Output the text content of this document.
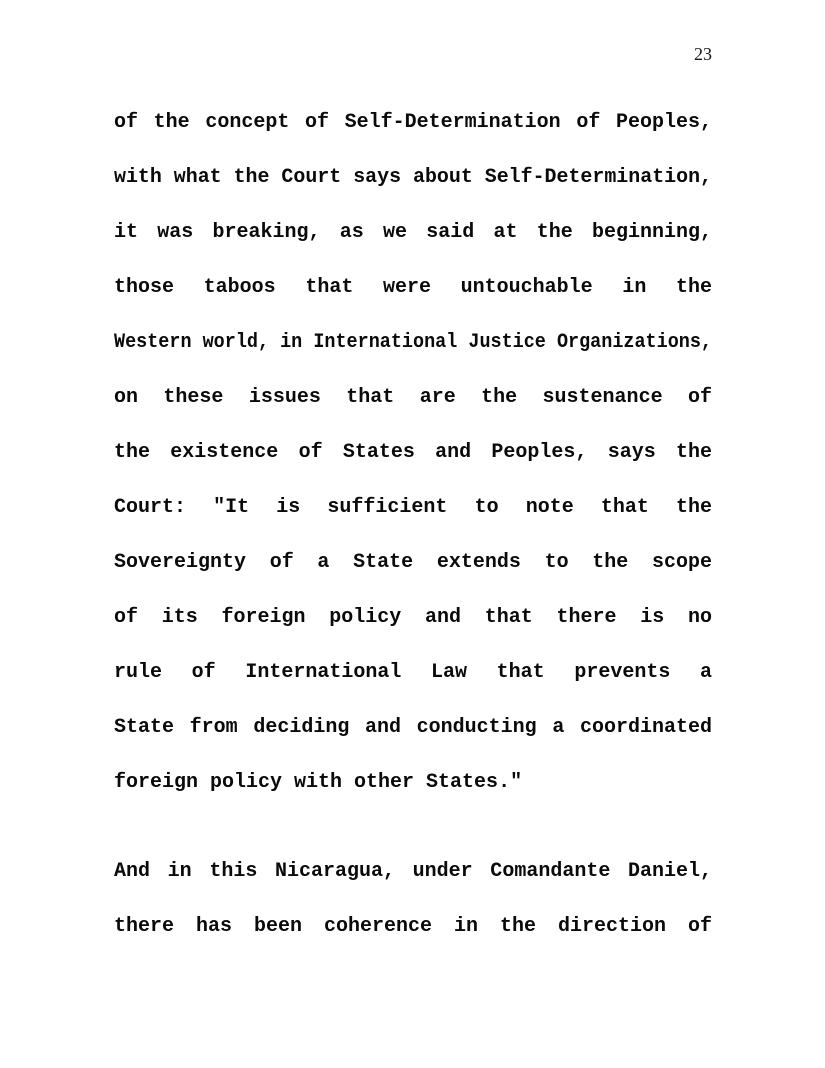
23
of the concept of Self-Determination of Peoples,
with what the Court says about Self-Determination,
it was breaking, as we said at the beginning,
those taboos that were untouchable in the
Western world, in International Justice Organizations,
on these issues that are the sustenance of
the existence of States and Peoples, says the
Court: "It is sufficient to note that the
Sovereignty of a State extends to the scope
of its foreign policy and that there is no
rule of International Law that prevents a
State from deciding and conducting a coordinated
foreign policy with other States."
And in this Nicaragua, under Comandante Daniel,
there has been coherence in the direction of
